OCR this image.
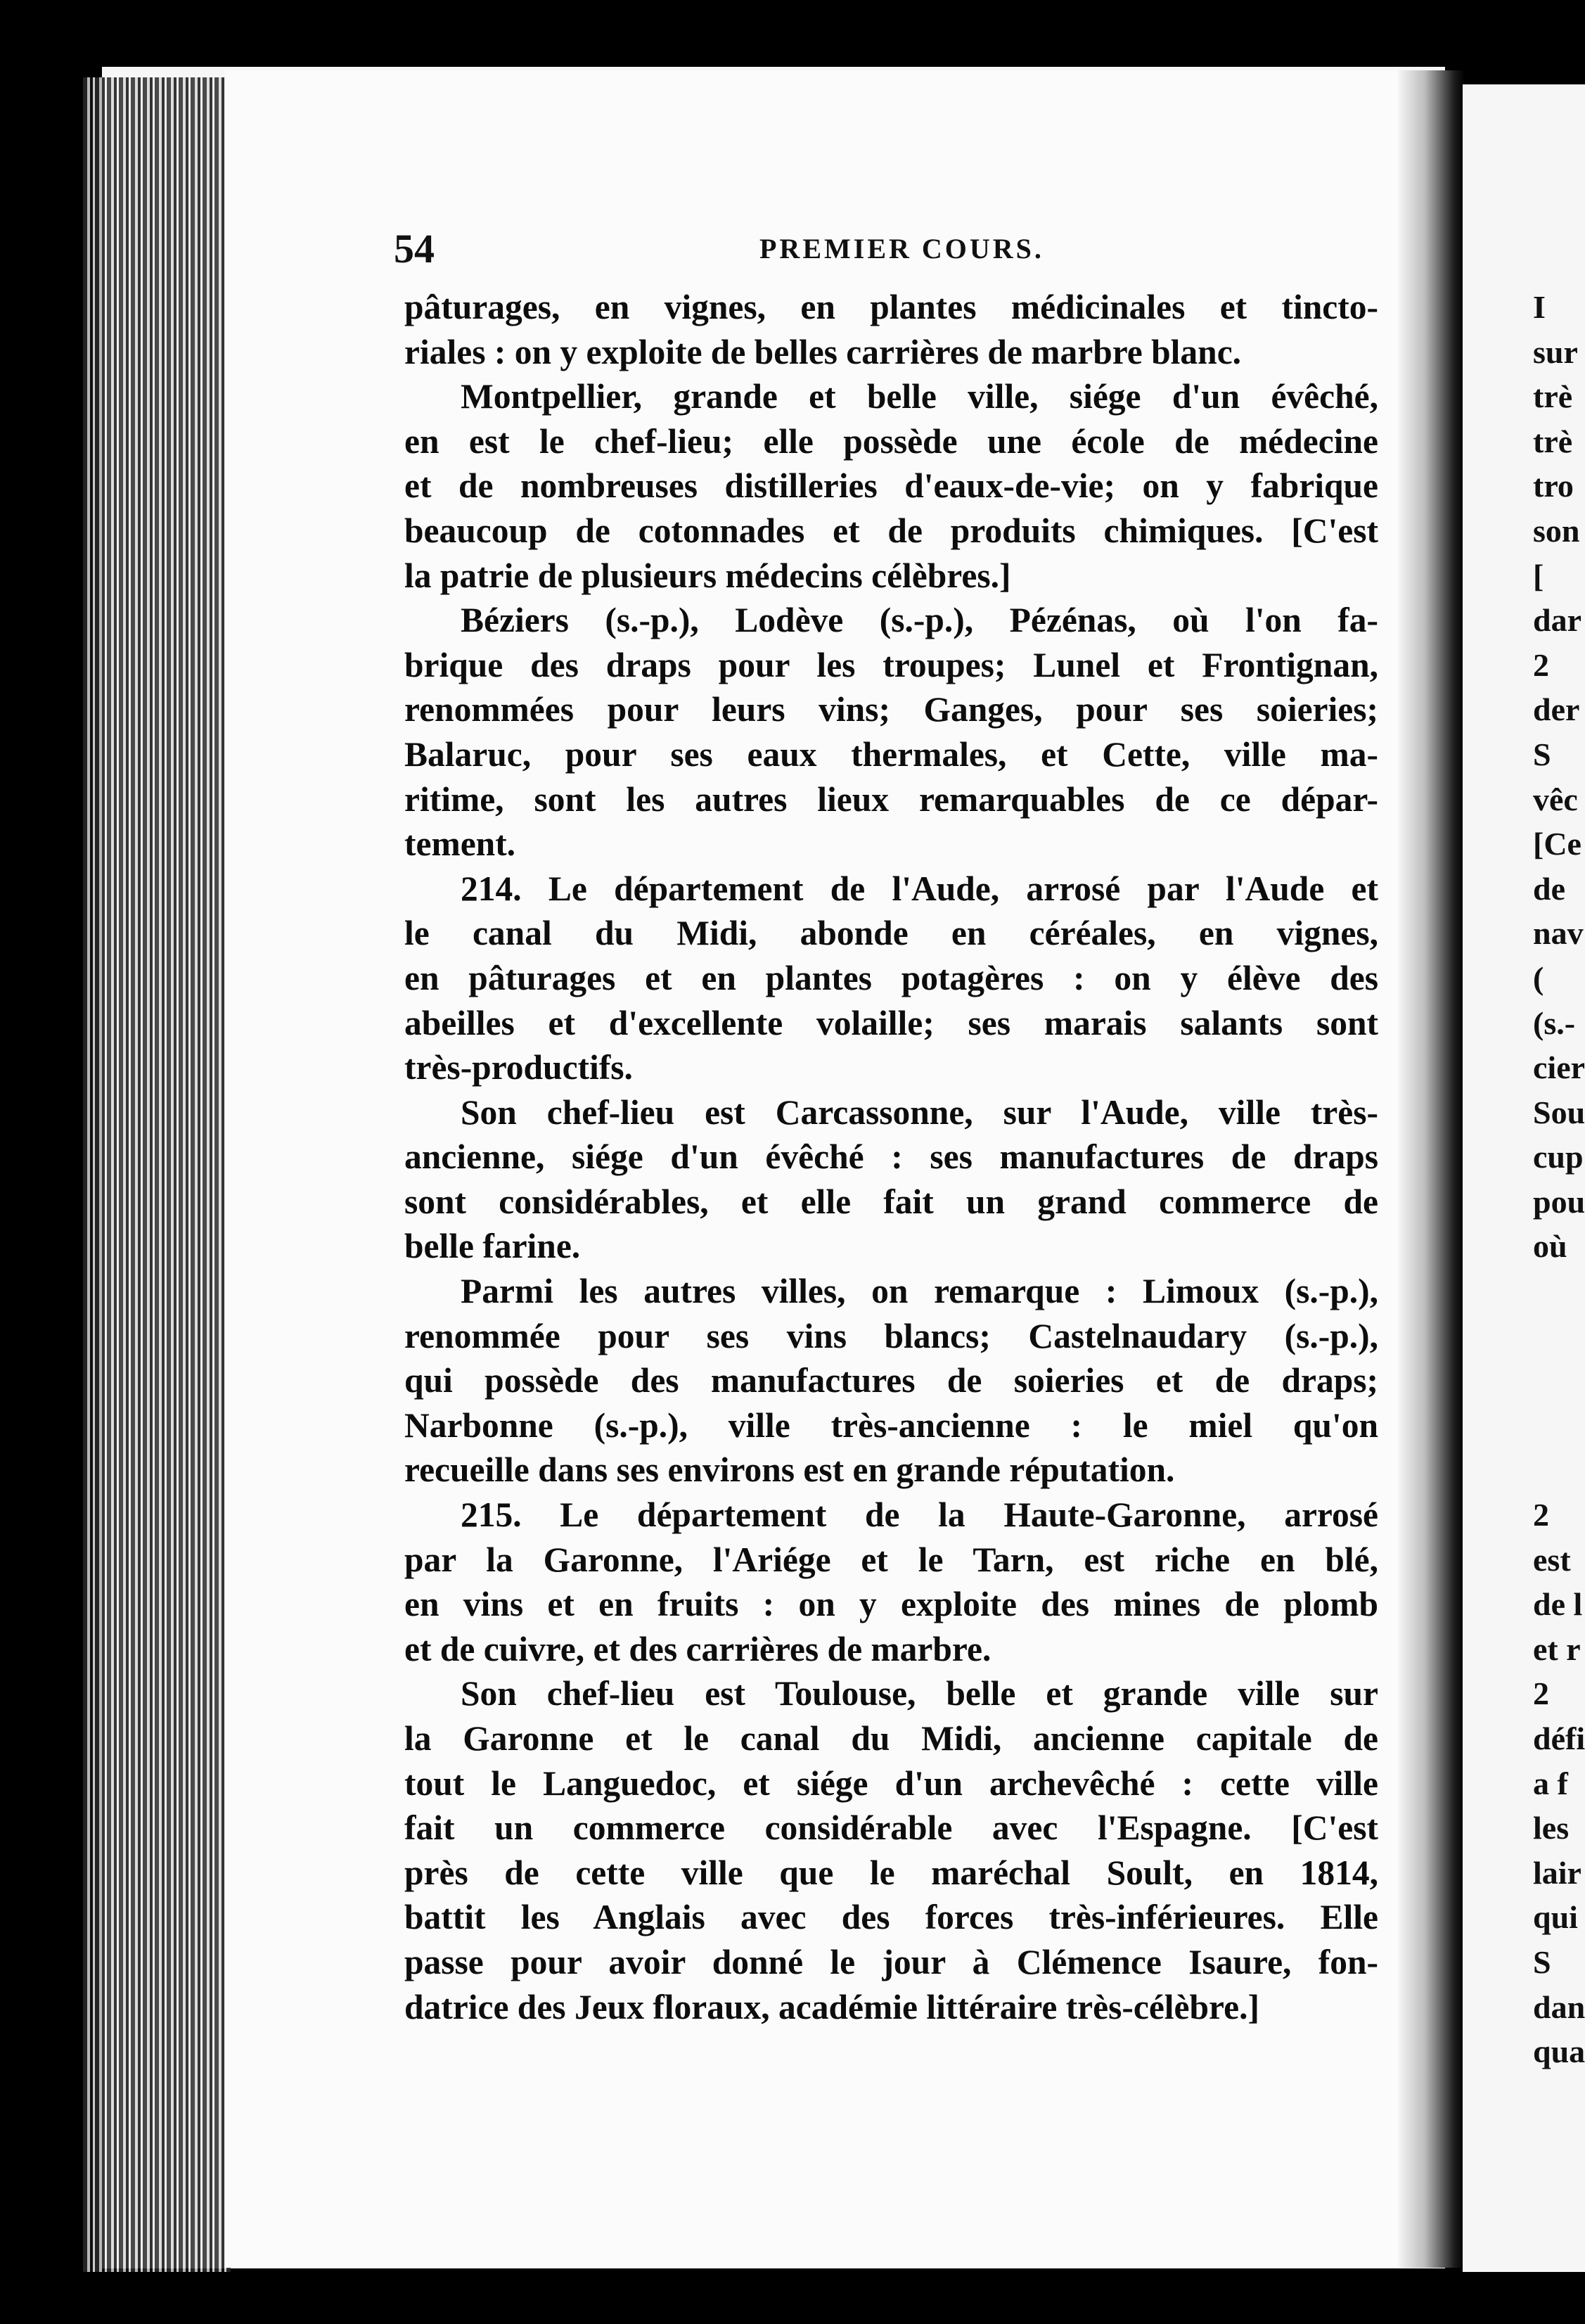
54	PREMIER COURS.

pâturages, en vignes, en plantes médicinales et tincto-
riales : on y exploite de belles carrières de marbre blanc.

Montpellier, grande et belle ville, siége d'un évêché,

en est le chef-lieu; elle possède une école de médecine
et de nombreuses distilleries d'eaux-de-vie; on y fabrique
beaucoup de cotonnades et de produits chimiques. [C'est
la patrie de plusieurs médecins célèbres.]

Béziers (s.-p.), Lodève (s.-p.), Pézénas, où l'on fa-

brique des draps pour les troupes; Lunel et Frontignan,
renommées pour leurs vins; Ganges, pour ses soieries;
Balaruc, pour ses eaux thermales, et Cette, ville ma-
ritime, sont les autres lieux remarquables de ce dépar-
tement.

214. Le département de l'Aude, arrosé par l'Aude et

le canal du Midi, abonde en céréales, en vignes,
en pâturages et en plantes potagères : on y élève des
abeilles et d'excellente volaille; ses marais salants sont
très-productifs.

Son chef-lieu est Carcassonne, sur l'Aude, ville très-

ancienne, siége d'un évêché : ses manufactures de draps
sont considérables, et elle fait un grand commerce de
belle farine.

Parmi les autres villes, on remarque : Limoux (s.-p.),

renommée pour ses vins blancs; Castelnaudary (s.-p.),
qui possède des manufactures de soieries et de draps;
Narbonne (s.-p.), ville très-ancienne : le miel qu'on
recueille dans ses environs est en grande réputation.

215. Le département de la Haute-Garonne, arrosé

par la Garonne, l'Ariége et le Tarn, est riche en blé,
en vins et en fruits : on y exploite des mines de plomb
et de cuivre, et des carrières de marbre.

Son chef-lieu est Toulouse, belle et grande ville sur

la Garonne et le canal du Midi, ancienne capitale de
tout le Languedoc, et siége d'un archevêché : cette ville
fait un commerce considérable avec l'Espagne. [C'est
près de cette ville que le maréchal Soult, en 1814,
battit les Anglais avec des forces très-inférieures. Elle
passe pour avoir donné le jour à Clémence Isaure, fon-
datrice des Jeux floraux, académie littéraire très-célèbre.]

I
sur
trè
trè
tro
son
[
dar
2
der
S
vêc
[Ce
de
nav
(
(s.-
cier
Sou
cup
pou
où
2
est
de l
et r
2
défi
a f
les
lair
qui
S
dan
qua
